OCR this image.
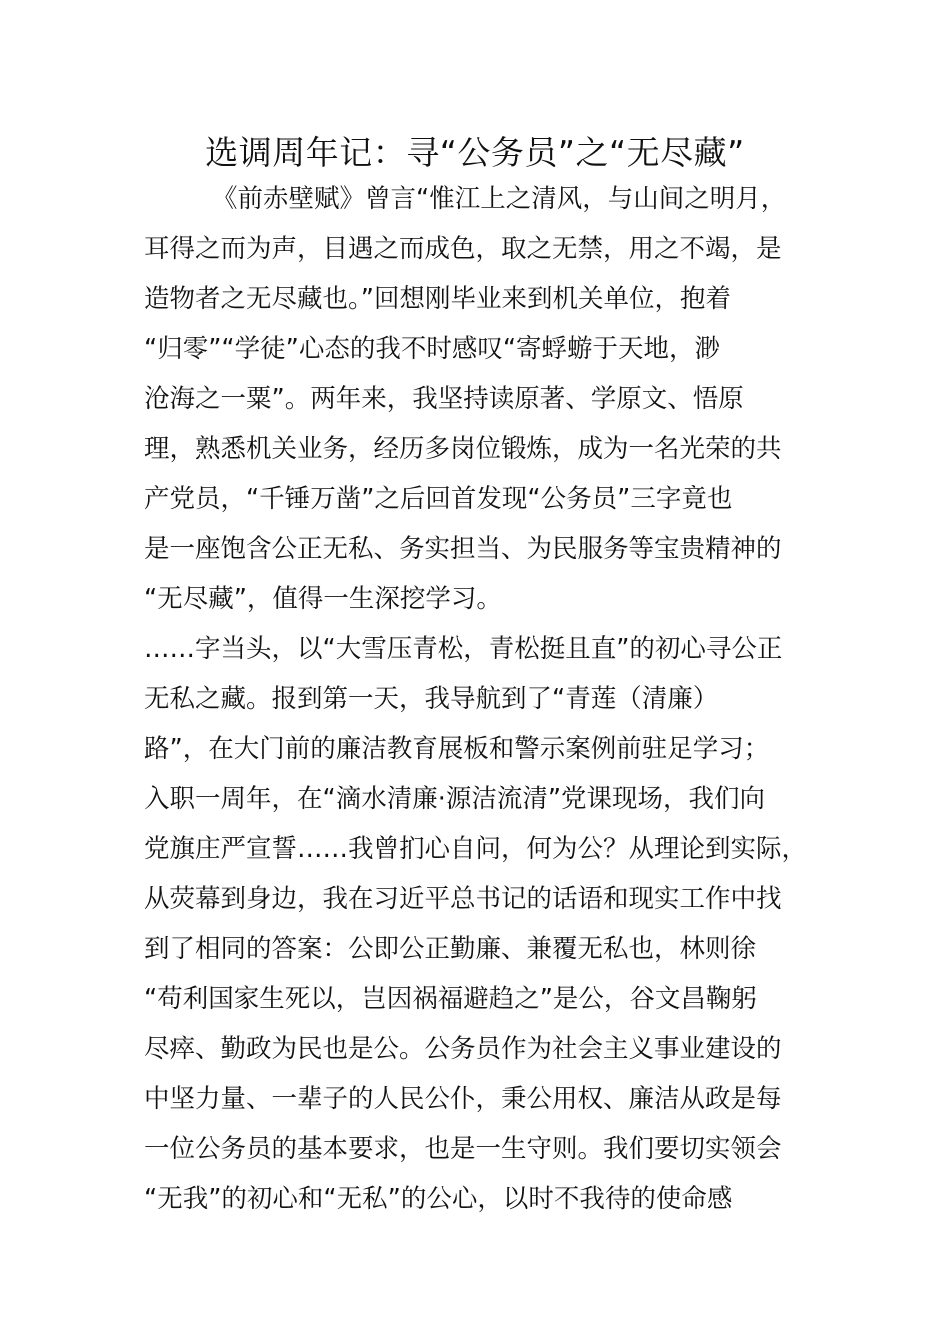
选调周年记：寻“公务员”之“无尽藏”
《前赤壁赋》曾言“惟江上之清风，与山间之明月，
耳得之而为声，目遇之而成色，取之无禁，用之不竭，是
造物者之无尽藏也。”回想刚毕业来到机关单位，抱着
“归零”“学徒”心态的我不时感叹“寄蜉蝣于天地，渺
沧海之一粟”。两年来，我坚持读原著、学原文、悟原
理，熟悉机关业务，经历多岗位锻炼，成为一名光荣的共
产党员，“千锤万凿”之后回首发现“公务员”三字竟也
是一座饱含公正无私、务实担当、为民服务等宝贵精神的
“无尽藏”，值得一生深挖学习。
……字当头，以“大雪压青松，青松挺且直”的初心寻公正
无私之藏。报到第一天，我导航到了“青莲（清廉）
路”，在大门前的廉洁教育展板和警示案例前驻足学习；
入职一周年，在“滴水清廉·源洁流清”党课现场，我们向
党旗庄严宣誓……我曾扪心自问，何为公？从理论到实际，
从荧幕到身边，我在习近平总书记的话语和现实工作中找
到了相同的答案：公即公正勤廉、兼覆无私也，林则徐
“苟利国家生死以，岂因祸福避趋之”是公，谷文昌鞠躬
尽瘁、勤政为民也是公。公务员作为社会主义事业建设的
中坚力量、一辈子的人民公仆，秉公用权、廉洁从政是每
一位公务员的基本要求，也是一生守则。我们要切实领会
“无我”的初心和“无私”的公心，以时不我待的使命感
